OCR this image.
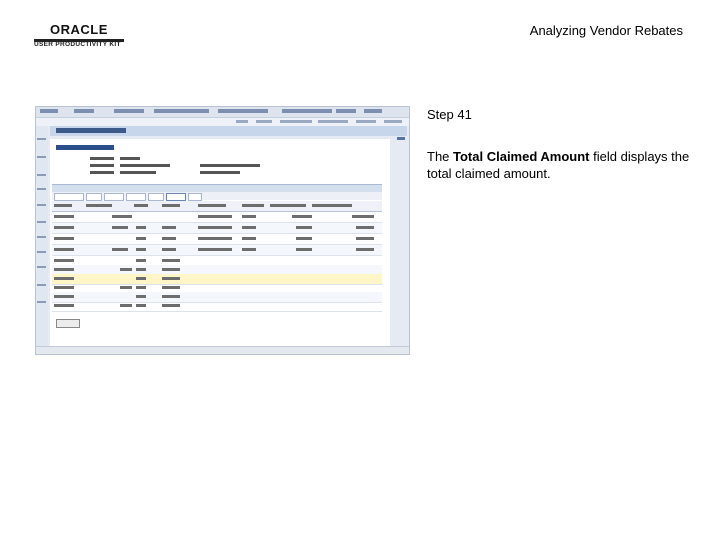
ORACLE
USER PRODUCTIVITY KIT
Analyzing Vendor Rebates
Step 41
The Total Claimed Amount field displays the total claimed amount.
